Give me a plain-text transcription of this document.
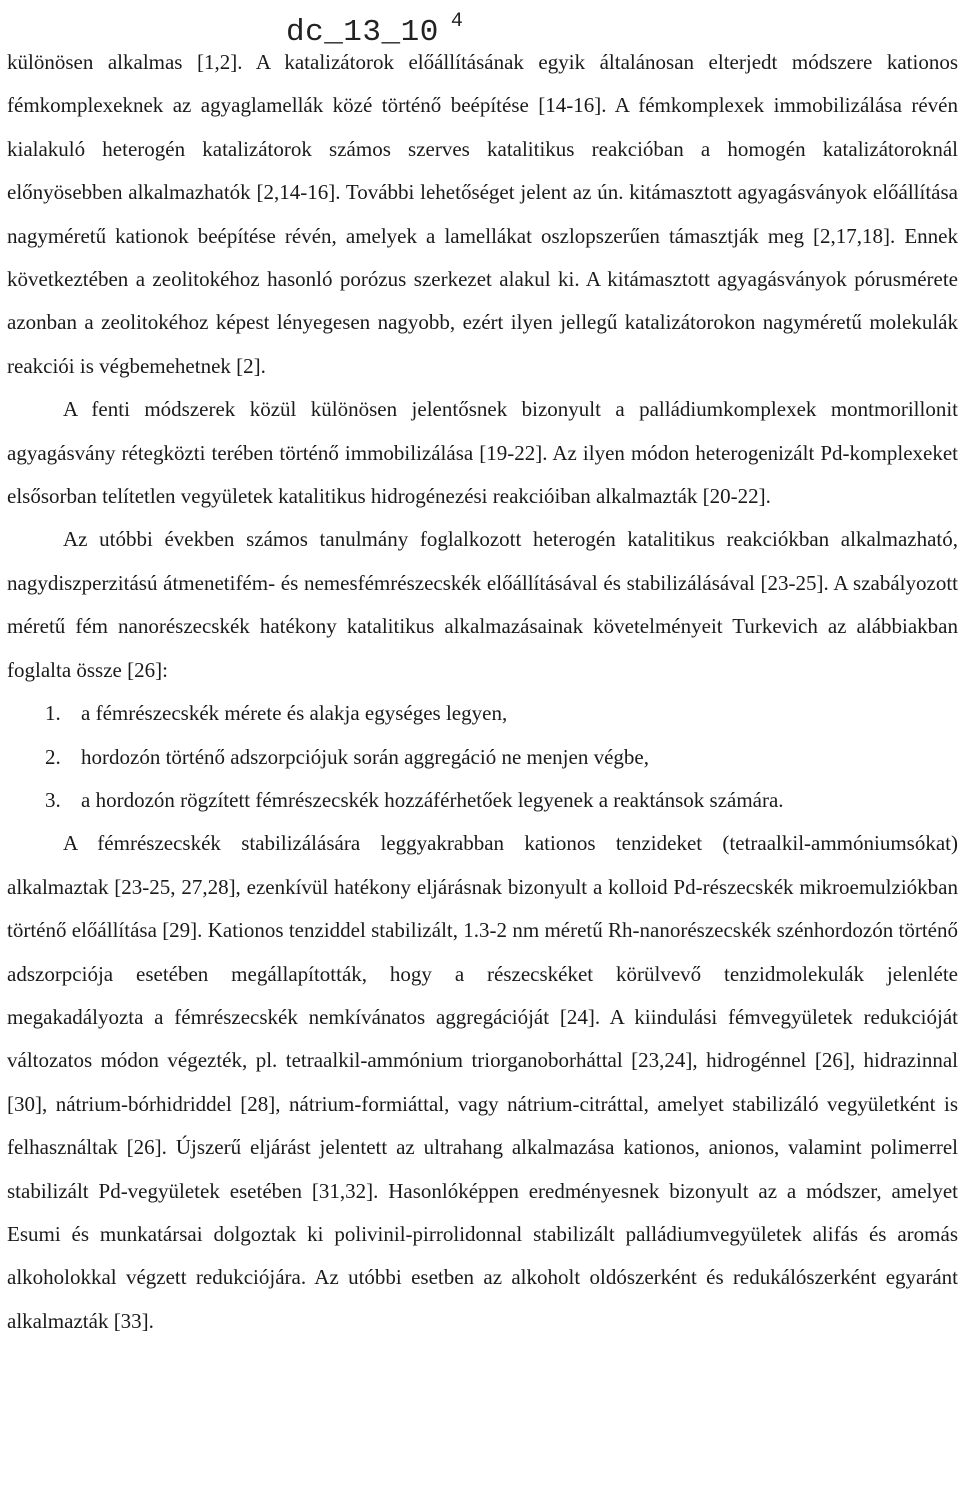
dc_13_10 $^4$

különösen alkalmas [1,2]. A katalizátorok előállításának egyik általánosan elterjedt módszere kationos fémkomplexeknek az agyaglamellák közé történő beépítése [14-16]. A fémkomplexek immobilizálása révén kialakuló heterogén katalizátorok számos szerves katalitikus reakcióban a homogén katalizátoroknál előnyösebben alkalmazhatók [2,14-16]. További lehetőséget jelent az ún. kitámasztott agyagásványok előállítása nagyméretű kationok beépítése révén, amelyek a lamellákat oszlopszerűen támasztják meg [2,17,18]. Ennek következtében a zeolitokéhoz hasonló porózus szerkezet alakul ki. A kitámasztott agyagásványok pórusmérete azonban a zeolitokéhoz képest lényegesen nagyobb, ezért ilyen jellegű katalizátorokon nagyméretű molekulák reakciói is végbemehetnek [2].

A fenti módszerek közül különösen jelentősnek bizonyult a palládiumkomplexek montmorillonit agyagásvány rétegközti terében történő immobilizálása [19-22]. Az ilyen módon heterogenizált Pd-komplexeket elsősorban telítetlen vegyületek katalitikus hidrogénezési reakcióiban alkalmazták [20-22].

Az utóbbi években számos tanulmány foglalkozott heterogén katalitikus reakciókban alkalmazható, nagydiszperzitású átmenetifém- és nemesfémrészecskék előállításával és stabilizálásával [23-25]. A szabályozott méretű fém nanorészecskék hatékony katalitikus alkalmazásainak követelményeit Turkevich az alábbiakban foglalta össze [26]:

1. a fémrészecskék mérete és alakja egységes legyen,
2. hordozón történő adszorpciójuk során aggregáció ne menjen végbe,
3. a hordozón rögzített fémrészecskék hozzáférhetőek legyenek a reaktánsok számára.

A fémrészecskék stabilizálására leggyakrabban kationos tenzideket (tetraalkil-ammóniumsókat) alkalmaztak [23-25, 27,28], ezenkívül hatékony eljárásnak bizonyult a kolloid Pd-részecskék mikroemulziókban történő előállítása [29]. Kationos tenziddel stabilizált, 1.3-2 nm méretű Rh-nanorészecskék szénhordozón történő adszorpciója esetében megállapították, hogy a részecskéket körülvevő tenzidmolekulák jelenléte megakadályozta a fémrészecskék nemkívánatos aggregációját [24]. A kiindulási fémvegyületek redukcióját változatos módon végezték, pl. tetraalkil-ammónium triorganoborháttal [23,24], hidrogénnel [26], hidrazinnal [30], nátrium-bórhidriddel [28], nátrium-formiáttal, vagy nátrium-citráttal, amelyet stabilizáló vegyületként is felhasználtak [26]. Újszerű eljárást jelentett az ultrahang alkalmazása kationos, anionos, valamint polimerrel stabilizált Pd-vegyületek esetében [31,32]. Hasonlóképpen eredményesnek bizonyult az a módszer, amelyet Esumi és munkatársai dolgoztak ki polivinil-pirrolidonnal stabilizált palládiumvegyületek alifás és aromás alkoholokkal végzett redukciójára. Az utóbbi esetben az alkoholt oldószerként és redukálószerként egyaránt alkalmazták [33].
